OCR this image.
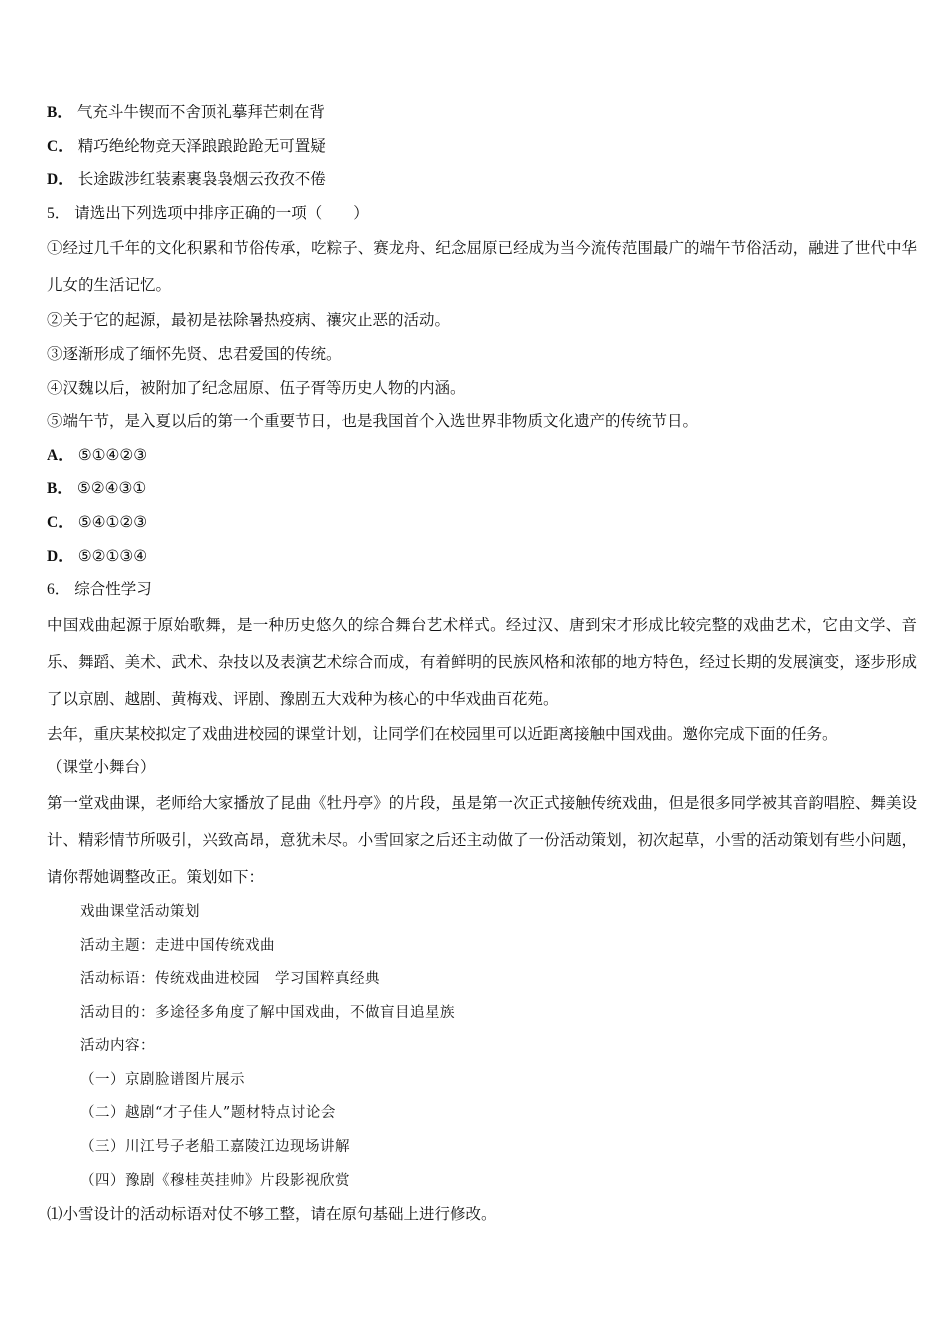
B． 气充斗牛锲而不舍顶礼摹拜芒刺在背

C． 精巧绝纶物竞天泽踉踉跄跄无可置疑

D． 长途跋涉红装素裹袅袅烟云孜孜不倦

5． 请选出下列选项中排序正确的一项（　　）

①经过几千年的文化积累和节俗传承，吃粽子、赛龙舟、纪念屈原已经成为当今流传范围最广的端午节俗活动，融进了世代中华儿女的生活记忆。

②关于它的起源，最初是祛除暑热疫病、禳灾止恶的活动。

③逐渐形成了缅怀先贤、忠君爱国的传统。

④汉魏以后，被附加了纪念屈原、伍子胥等历史人物的内涵。

⑤端午节，是入夏以后的第一个重要节日，也是我国首个入选世界非物质文化遗产的传统节日。

A． ⑤①④②③

B． ⑤②④③①

C． ⑤④①②③

D． ⑤②①③④

6． 综合性学习

中国戏曲起源于原始歌舞，是一种历史悠久的综合舞台艺术样式。经过汉、唐到宋才形成比较完整的戏曲艺术，它由文学、音乐、舞蹈、美术、武术、杂技以及表演艺术综合而成，有着鲜明的民族风格和浓郁的地方特色，经过长期的发展演变，逐步形成了以京剧、越剧、黄梅戏、评剧、豫剧五大戏种为核心的中华戏曲百花苑。

去年，重庆某校拟定了戏曲进校园的课堂计划，让同学们在校园里可以近距离接触中国戏曲。邀你完成下面的任务。

（课堂小舞台）

第一堂戏曲课，老师给大家播放了昆曲《牡丹亭》的片段，虽是第一次正式接触传统戏曲，但是很多同学被其音韵唱腔、舞美设计、精彩情节所吸引，兴致高昂，意犹未尽。小雪回家之后还主动做了一份活动策划，初次起草，小雪的活动策划有些小问题，请你帮她调整改正。策划如下：

戏曲课堂活动策划

活动主题：走进中国传统戏曲

活动标语：传统戏曲进校园　学习国粹真经典

活动目的：多途径多角度了解中国戏曲，不做盲目追星族

活动内容：

（一）京剧脸谱图片展示

（二）越剧“才子佳人”题材特点讨论会

（三）川江号子老船工嘉陵江边现场讲解

（四）豫剧《穆桂英挂帅》片段影视欣赏

⑴小雪设计的活动标语对仗不够工整，请在原句基础上进行修改。
